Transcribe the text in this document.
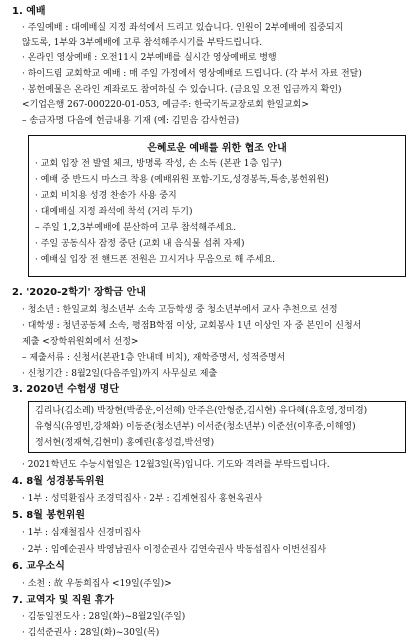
1. 예배
· 주일예배 : 대예배실 지정 좌석에서 드리고 있습니다. 인원이 2부예배에 집중되지
않도록, 1부와 3부예배에 고루 참석해주시기를 부탁드립니다.
· 온라인 영상예배 : 오전11시 2부예배를 실시간 영상예배로 병행
· 하이드림 교회학교 예배 : 매 주일 가정에서 영상예배로 드립니다. (각 부서 자료 전달)
· 봉헌예물은 온라인 계좌로도 참여하실 수 있습니다. (금요일 오전 입금까지 확인)
<기업은행 267-000220-01-053, 예금주: 한국기독교장로회 한일교회>
– 송금자명 다음에 헌금내용 기재 (예: 김믿음 감사헌금)
은혜로운 예배를 위한 협조 안내
· 교회 입장 전 발열 체크, 방명록 작성, 손 소독 (본관 1층 입구)
· 예배 중 반드시 마스크 착용 (예배위원 포함-기도,성경봉독,특송,봉헌위원)
· 교회 비치용 성경 찬송가 사용 중지
· 대예배실 지정 좌석에 착석 (거리 두기)
– 주일 1,2,3부예배에 분산하여 고루 참석해주세요.
· 주일 공동식사 잠정 중단 (교회 내 음식물 섭취 자제)
· 예배실 입장 전 핸드폰 전원은 끄시거나 무음으로 해 주세요.
2. '2020-2학기' 장학금 안내
· 청소년 : 한일교회 청소년부 소속 고등학생 중 청소년부에서 교사 추천으로 선정
· 대학생 : 청년공동체 소속, 평점B학점 이상, 교회봉사 1년 이상인 자 중 본인이 신청서
제출 <장학위원회에서 선정>
– 제출서류 : 신청서(본관1층 안내데 비치), 재학증명서, 성적증명서
· 신청기간 : 8월2일(다음주일)까지 사무실로 제출
3. 2020년 수험생 명단
김리나(김소례) 박장현(박종운,이선혜) 안주은(안형준,김시현) 유다혜(유호영,정미경)
유형식(유영빈,강채화) 이동준(청소년부) 이서준(청소년부) 이준선(이후종,이해영)
정서현(정재혁,김현미) 홍예린(홍성걸,박선영)
· 2021학년도 수능시험일은 12월3일(목)입니다. 기도와 격려를 부탁드립니다.
4. 8월 성경봉독위원
· 1부 : 성덕환집사 조경덕집사 · 2부 : 김계현집사 홍현옥권사
5. 8월 봉헌위원
· 1부 : 심재철집사 신경미집사
· 2부 : 임예순권사 박영남권사 이정순권사 김연숙권사 박동섭집사 이번선집사
6. 교우소식
· 소천 : 故 우동희집사 <19일(주일)>
7. 교역자 및 직원 휴가
· 김동일전도사 : 28일(화)~8월2일(주일)
· 김석준권사 : 28일(화)~30일(목)
